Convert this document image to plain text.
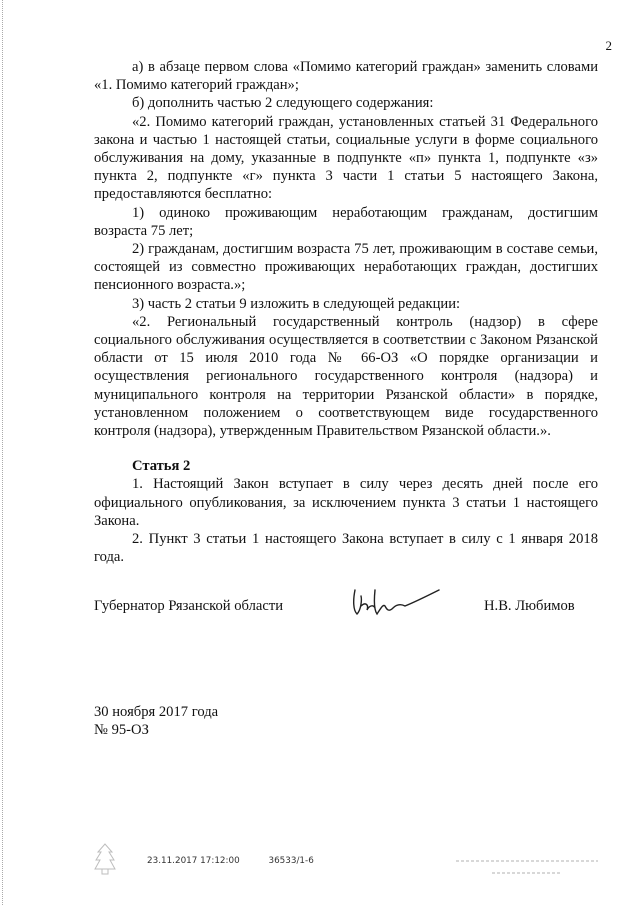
2

а) в абзаце первом слова «Помимо категорий граждан» заменить словами «1. Помимо категорий граждан»;

б) дополнить частью 2 следующего содержания:

«2. Помимо категорий граждан, установленных статьей 31 Федерального закона и частью 1 настоящей статьи, социальные услуги в форме социального обслуживания на дому, указанные в подпункте «п» пункта 1, подпункте «з» пункта 2, подпункте «г» пункта 3 части 1 статьи 5 настоящего Закона, предоставляются бесплатно:

1) одиноко проживающим неработающим гражданам, достигшим возраста 75 лет;

2) гражданам, достигшим возраста 75 лет, проживающим в составе семьи, состоящей из совместно проживающих неработающих граждан, достигших пенсионного возраста.»;

3) часть 2 статьи 9 изложить в следующей редакции:

«2. Региональный государственный контроль (надзор) в сфере социального обслуживания осуществляется в соответствии с Законом Рязанской области от 15 июля 2010 года № 66-ОЗ «О порядке организации и осуществления регионального государственного контроля (надзора) и муниципального контроля на территории Рязанской области» в порядке, установленном положением о соответствующем виде государственного контроля (надзора), утвержденным Правительством Рязанской области.».

Статья 2

1. Настоящий Закон вступает в силу через десять дней после его официального опубликования, за исключением пункта 3 статьи 1 настоящего Закона.

2. Пункт 3 статьи 1 настоящего Закона вступает в силу с 1 января 2018 года.

Губернатор Рязанской области	Н.В. Любимов
30 ноября 2017 года
№ 95-ОЗ
23.11.2017 17:12:00	36533/1-6
